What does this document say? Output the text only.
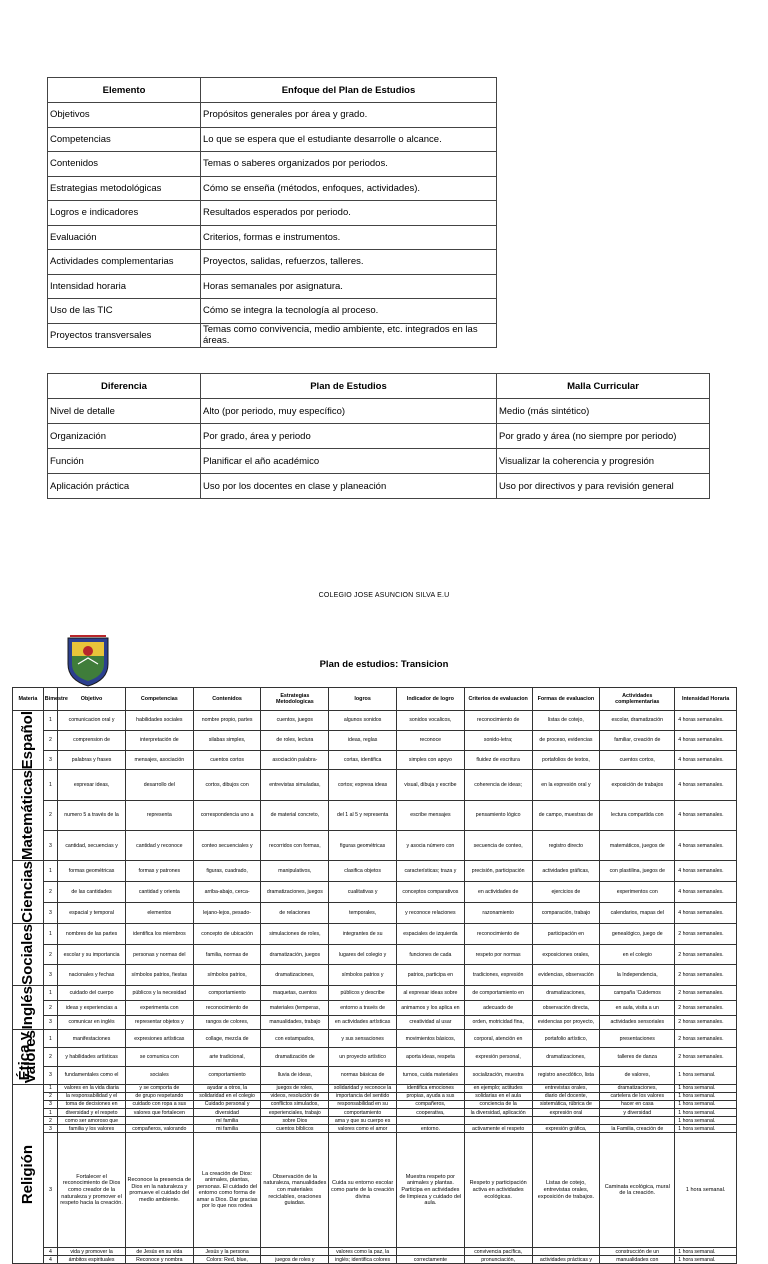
Elemento	Enfoque del Plan de Estudios
Objetivos	Propósitos generales por área y grado.
Competencias	Lo que se espera que el estudiante desarrolle o alcance.
Contenidos	Temas o saberes organizados por periodos.
Estrategias metodológicas	Cómo se enseña (métodos, enfoques, actividades).
Logros e indicadores	Resultados esperados por periodo.
Evaluación	Criterios, formas e instrumentos.
Actividades complementarias	Proyectos, salidas, refuerzos, talleres.
Intensidad horaria	Horas semanales por asignatura.
Uso de las TIC	Cómo se integra la tecnología al proceso.
Proyectos transversales	Temas como convivencia, medio ambiente, etc. integrados en las áreas.
Diferencia	Plan de Estudios	Malla Curricular
Nivel de detalle	Alto (por periodo, muy específico)	Medio (más sintético)
Organización	Por grado, área y periodo	Por grado y área (no siempre por periodo)
Función	Planificar el año académico	Visualizar la coherencia y progresión
Aplicación práctica	Uso por los docentes en clase y planeación	Uso por directivos y para revisión general
COLEGIO JOSE ASUNCION SILVA E.U
Plan de estudios: Transicion
Materia	Bimestre	Objetivo	Competencias	Contenidos	Estrategias Metodologicas	logros	Indicador de logro	Criterios de evaluacion	Formas de evaluacion	Actividades complementarias	Intensidad Horaria
Español	1	comunicacion oral y	habilidades sociales	nombre propio, partes	cuentos, juegos	algunos sonidos	sonidos vocalicos,	reconocimiento de	listas de cotejo,	escolar, dramatización	4 horas semanales.
	2	comprension de	interpretación de	silabas simples,	de roles, lectura	ideas, reglas	reconoce	sonido-letra;	de proceso, evidencias	familiar, creación de	4 horas semanales.
	3	palabras y frases	mensajes, asociación	cuentos cortos	asociación palabra-	cortas, identifica	simples con apoyo	fluidez de escritura	portafolios de textos,	cuentos cortos,	4 horas semanales.
Matemáticas	1	expresar ideas,	desarrollo del	cortos, dibujos con	entrevistas simuladas,	cortos; expresa ideas	visual, dibuja y escribe	coherencia de ideas;	en la expresión oral y	exposición de trabajos	4 horas semanales.
	2	numero 5 a través de la	representa	correspondencia uno a	de material concreto,	del 1 al 5 y representa	escribe mensajes	pensamiento lógico	de campo, muestras de	lectura compartida con	4 horas semanales.
	3	cantidad, secuencias y	cantidad y reconoce	conteo secuenciales y	recorridos con formas,	figuras geométricas	y asocia número con	secuencia de conteo,	registro directo	matemáticos, juegos de	4 horas semanales.
Ciencias	1	formas geométricas	formas y patrones	figuras, cuadrado,	manipulativos,	clasifica objetos	características; traza y	precisión, participación	actividades gráficas,	con plastilina, juegos de	4 horas semanales.
	2	de las cantidades	cantidad y orienta	arriba-abajo, cerca-	dramatizaciones, juegos	cualitativas y	conceptos comparativos	en actividades de	ejercicios de	experimentos con	4 horas semanales.
	3	espacial y temporal	elementos	lejano-lejos, pesado-	de relaciones	temporales,	y reconoce relaciones	razonamiento	comparación, trabajo	calendarios, mapas del	4 horas semanales.
Sociales	1	nombres de las partes	identifica los miembros	concepto de ubicación	simulaciones de roles,	integrantes de su	espaciales de izquierda	reconocimiento de	participación en	genealógico, juego de	2 horas semanales.
	2	escolar y su importancia	personas y normas del	familia, normas de	dramatización, juegos	lugares del colegio y	funciones de cada	respeto por normas	exposiciones orales,	en el colegio	2 horas semanales.
	3	nacionales y fechas	símbolos patrios, fiestas	símbolos patrios,	dramatizaciones,	símbolos patrios y	patrios, participa en	tradiciones, expresión	evidencias, observación	la Independencia,	2 horas semanales.
Inglés	1	cuidado del cuerpo	públicos y la necesidad	comportamiento	maquetas, cuentos	públicos y describe	al expresar ideas sobre	de comportamiento en	dramatizaciones,	campaña 'Cuidemos	2 horas semanales.
	2	ideas y experiencias a	experimenta con	reconocimiento de	materiales (temperas,	entorno a través de	animamos y los aplica en	adecuado de	observación directa,	en aula, visita a un	2 horas semanales.
	3	comunicar en inglés	representar objetos y	rangos de colores,	manualidades, trabajo	en actividades artísticas	creatividad al usar	orden, motricidad fina,	evidencias por proyecto,	actividades sensoriales	2 horas semanales.
Ética y Valores	1	manifestaciones	expresiones artísticas	collage, mezcla de	con estampados,	y sus sensaciones	movimientos básicos,	corporal, atención en	portafolio artístico,	presentaciones	2 horas semanales.
	2	y habilidades artísticas	se comunica con	arte tradicional,	dramatización de	un proyecto artístico	aporta ideas, respeta	expresión personal,	dramatizaciones,	talleres de danza	2 horas semanales.
	3	fundamentales como el	sociales	comportamiento	lluvia de ideas,	normas básicas de	turnos, cuida materiales	socialización, muestra	registro anecdótico, lista	de valores,	1 hora semanal.
Religión	1	valores en la vida diaria	y se comporta de	ayudar a otros, la	juegos de roles,	solidaridad y reconoce la	identifica emociones	en ejemplo; actitudes	entrevistas orales,	dramatizaciones,	1 hora semanal.
	2	la responsabilidad y el	de grupo respetando	solidaridad en el colegio	videos, resolución de	importancia del sentido	propias, ayuda a sus	solidarias en el aula	diario del docente,	cartelera de los valores	1 hora semanal.
	3	toma de decisiones en	cuidado con ropa a sus	Cuidado personal y	conflictos simulados,	responsabilidad en su	compañeros,	conciencia de la	sistemática, rúbrica de	hacer en casa	1 hora semanal.
	1	diversidad y el respeto	valores que fortalecen	diversidad	experienciales, trabajo	comportamiento	cooperativa,	la diversidad, aplicación	expresión oral	y diversidad	1 hora semanal.
	2	como ser amoroso que		mí familia	sobre Dios	ama y que su cuerpo es					1 hora semanal.
	3	familia y los valores	compañeros, valorando	mi familia	cuentos bíblicos	valores como el amor	entorno.	activamente el respeto	expresión gráfica,	la Familia, creación de	1 hora semanal.
	3	Fortalecer el reconocimiento de Dios como creador de la naturaleza y promover el respeto hacia la creación.	Reconoce la presencia de Dios en la naturaleza y promueve el cuidado del medio ambiente.	La creación de Dios: animales, plantas, personas. El cuidado del entorno como forma de amar a Dios. Dar gracias por lo que nos rodea	Observación de la naturaleza, manualidades con materiales reciclables, oraciones guiadas.	Cuida su entorno escolar como parte de la creación divina	Muestra respeto por animales y plantas. Participa en actividades de limpieza y cuidado del aula.	Respeto y participación activa en actividades ecológicas.	Listas de cotejo, entrevistas orales, exposición de trabajos.	Caminata ecológica, mural de la creación.	1 hora semanal.
	4	vida y promover la	de Jesús en su vida	Jesús y la persona		valores como la paz, la		convivencia pacífica,		construcción de un	1 hora semanal.
	4	ámbitos espirituales	Reconoce y nombra	Colors: Red, blue,	juegos de roles y	inglés; identifica colores	correctamente	pronunciación,	actividades prácticas y	manualidades con	1 hora semanal.
